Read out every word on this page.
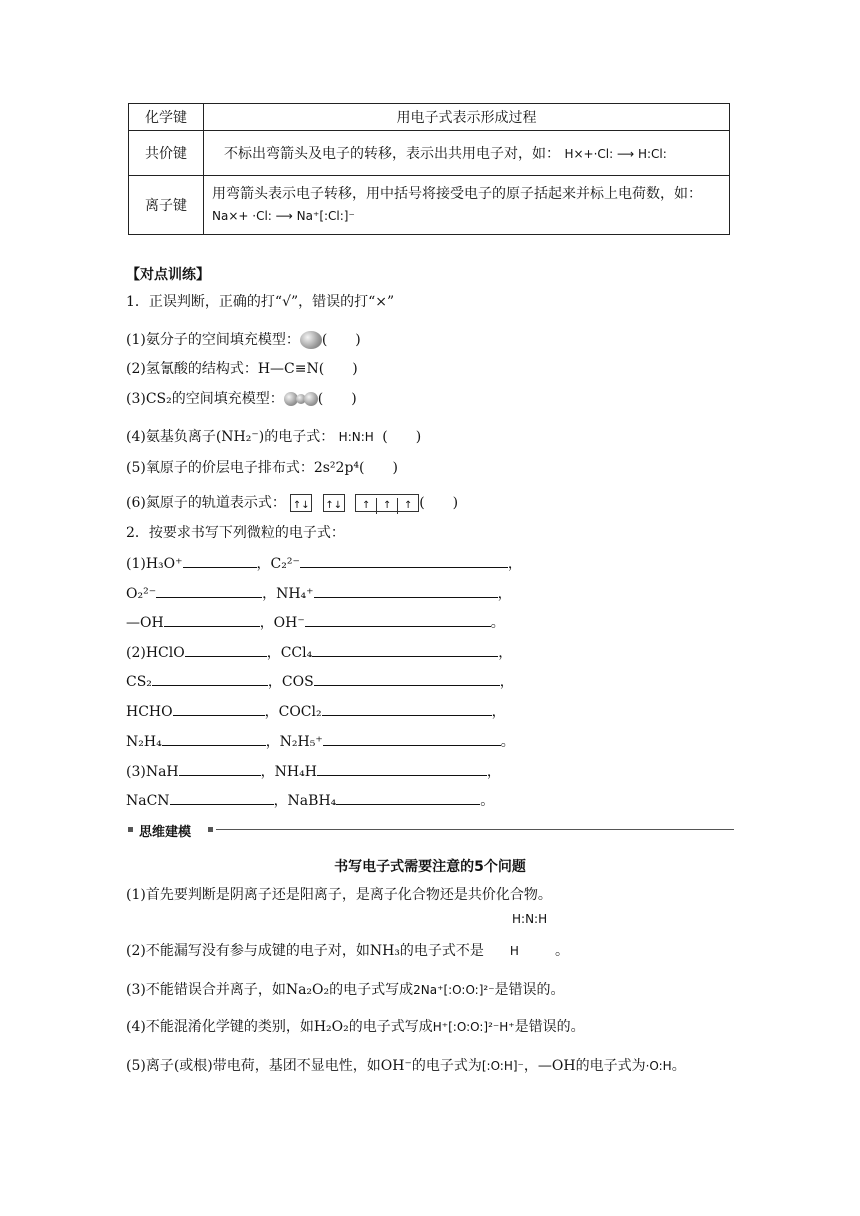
化学键	用电子式表示形成过程
共价键	不标出弯箭头及电子的转移，表示出共用电子对，如： H×+·Cl: ⟶ H:Cl:
离子键	用弯箭头表示电子转移，用中括号将接受电子的原子括起来并标上电荷数，如：
Na×+ ·Cl: ⟶ Na⁺[:Cl:]⁻
【对点训练】
1．正误判断，正确的打“√”，错误的打“×”
(1)氨分子的空间填充模型： (　　)
(2)氢氰酸的结构式：H—C≡N(　　)
(3)CS₂的空间填充模型： (　　)
(4)氨基负离子(NH₂⁻)的电子式： H:N:H (　　)
(5)氧原子的价层电子排布式：2s²2p⁴(　　)
(6)氮原子的轨道表示式： ↑↓ ↑↓ ↑ ↑ ↑ (　　)
2．按要求书写下列微粒的电子式：
(1)H₃O⁺	，C₂²⁻	，
O₂²⁻	，NH₄⁺	，
—OH	，OH⁻	。
(2)HClO	，CCl₄	，
CS₂	，COS	，
HCHO	，COCl₂	，
N₂H₄	，N₂H₅⁺	。
(3)NaH	，NH₄H	，
NaCN	，NaBH₄	。
思维建模
书写电子式需要注意的5个问题
(1)首先要判断是阴离子还是阳离子，是离子化合物还是共价化合物。
H:N:H
(2)不能漏写没有参与成键的电子对，如NH₃的电子式不是 H	。
(3)不能错误合并离子，如Na₂O₂的电子式写成2Na⁺[:O:O:]²⁻是错误的。
(4)不能混淆化学键的类别，如H₂O₂的电子式写成H⁺[:O:O:]²⁻H⁺是错误的。
(5)离子(或根)带电荷，基团不显电性，如OH⁻的电子式为[:O:H]⁻，—OH的电子式为·O:H。
